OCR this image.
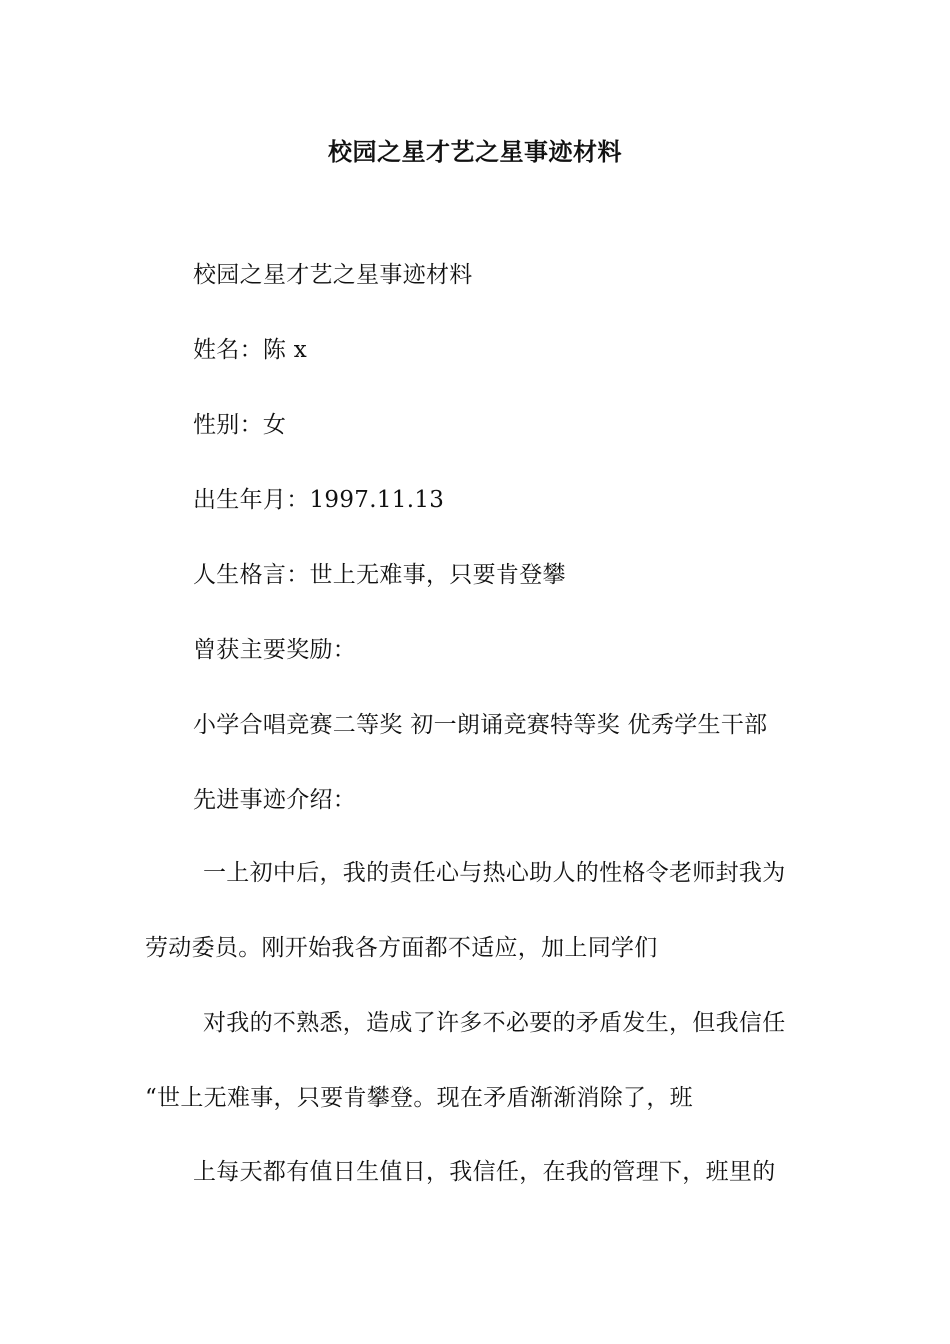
校园之星才艺之星事迹材料
校园之星才艺之星事迹材料
姓名：陈 x
性别：女
出生年月：1997.11.13
人生格言：世上无难事，只要肯登攀
曾获主要奖励：
小学合唱竞赛二等奖 初一朗诵竞赛特等奖 优秀学生干部
先进事迹介绍：
一上初中后，我的责任心与热心助人的性格令老师封我为
劳动委员。刚开始我各方面都不适应，加上同学们
对我的不熟悉，造成了许多不必要的矛盾发生，但我信任
“世上无难事，只要肯攀登。现在矛盾渐渐消除了，班
上每天都有值日生值日，我信任，在我的管理下，班里的
